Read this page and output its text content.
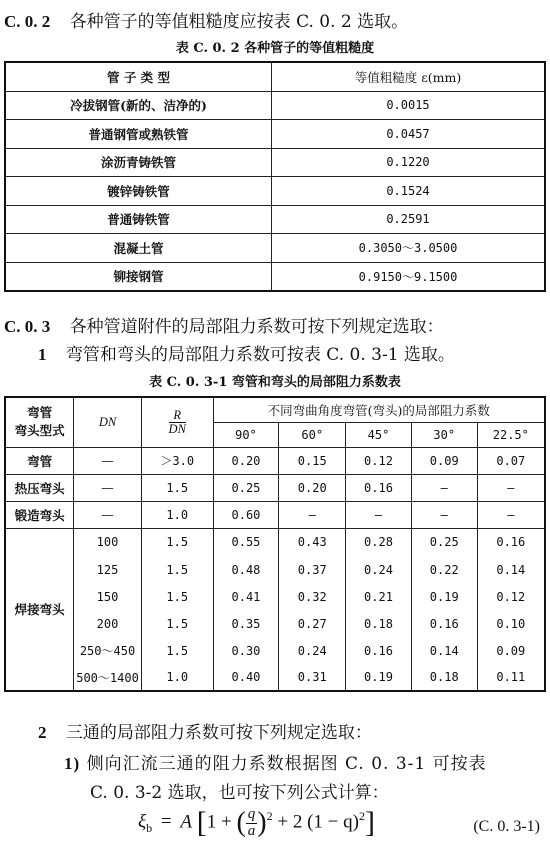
C. 0. 2 各种管子的等值粗糙度应按表 C. 0. 2 选取。
表 C. 0. 2 各种管子的等值粗糙度
管 子 类 型	等值粗糙度 ε(mm)
冷拔钢管(新的、洁净的)	0.0015
普通钢管或熟铁管	0.0457
涂沥青铸铁管	0.1220
镀锌铸铁管	0.1524
普通铸铁管	0.2591
混凝土管	0.3050～3.0500
铆接钢管	0.9150～9.1500
C. 0. 3 各种管道附件的局部阻力系数可按下列规定选取：
1 弯管和弯头的局部阻力系数可按表 C. 0. 3-1 选取。
表 C. 0. 3-1 弯管和弯头的局部阻力系数表
弯管
弯头型式	DN	$\frac{R}{DN}$	不同弯曲角度弯管(弯头)的局部阻力系数				
			90°	60°	45°	30°	22.5°
弯管	—	＞3.0	0.20	0.15	0.12	0.09	0.07
热压弯头	—	1.5	0.25	0.20	0.16	—	—
锻造弯头	—	1.0	0.60	—	—	—	—
焊接弯头	100	1.5	0.55	0.43	0.28	0.25	0.16
	125	1.5	0.48	0.37	0.24	0.22	0.14
	150	1.5	0.41	0.32	0.21	0.19	0.12
	200	1.5	0.35	0.27	0.18	0.16	0.10
	250～450	1.5	0.30	0.24	0.16	0.14	0.09
	500～1400	1.0	0.40	0.31	0.19	0.18	0.11
2 三通的局部阻力系数可按下列规定选取：
1) 侧向汇流三通的阻力系数根据图 C. 0. 3-1 可按表
C. 0. 3-2 选取，也可按下列公式计算：
$\xi_b = A$ [1 + ( $\frac{q}{a} )^2 + 2$ $(1 - q)^2$]	(C. 0. 3-1)
